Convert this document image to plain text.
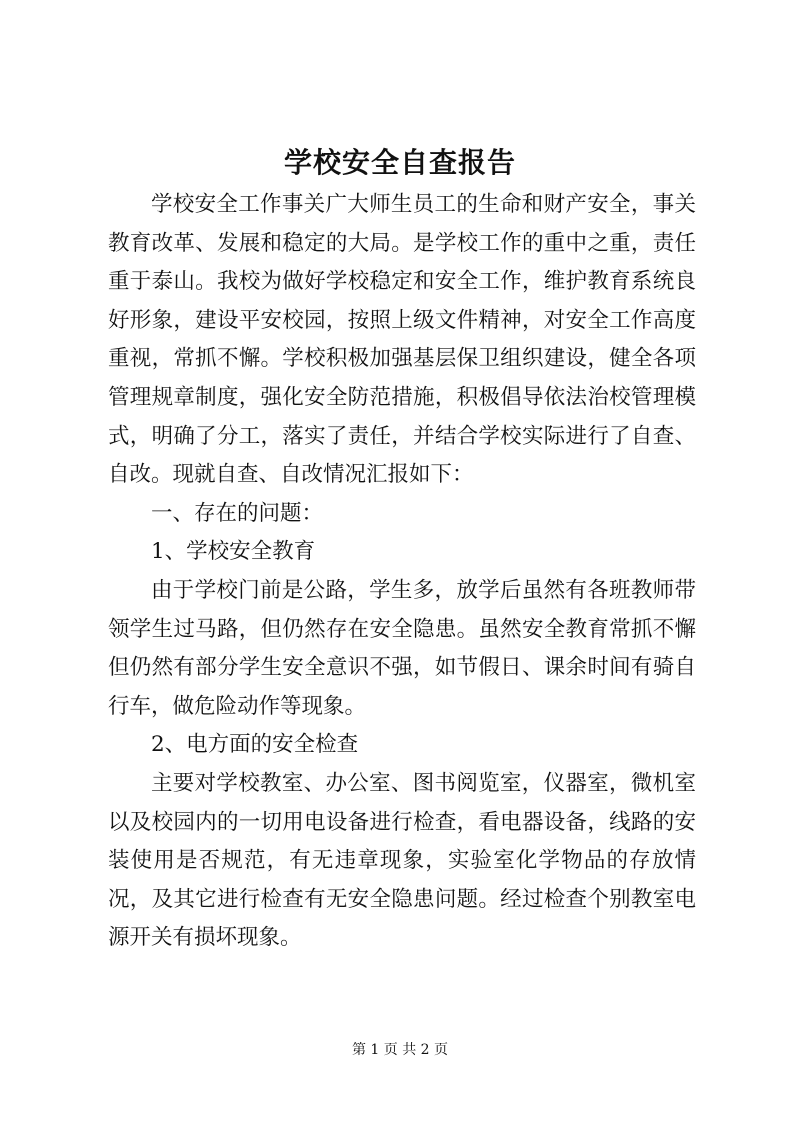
学校安全自查报告

学校安全工作事关广大师生员工的生命和财产安全，事关教育改革、发展和稳定的大局。是学校工作的重中之重，责任重于泰山。我校为做好学校稳定和安全工作，维护教育系统良好形象，建设平安校园，按照上级文件精神，对安全工作高度重视，常抓不懈。学校积极加强基层保卫组织建设，健全各项管理规章制度，强化安全防范措施，积极倡导依法治校管理模式，明确了分工，落实了责任，并结合学校实际进行了自查、自改。现就自查、自改情况汇报如下：

一、存在的问题：

1、学校安全教育

由于学校门前是公路，学生多，放学后虽然有各班教师带领学生过马路，但仍然存在安全隐患。虽然安全教育常抓不懈但仍然有部分学生安全意识不强，如节假日、课余时间有骑自行车，做危险动作等现象。

2、电方面的安全检查

主要对学校教室、办公室、图书阅览室，仪器室，微机室以及校园内的一切用电设备进行检查，看电器设备，线路的安装使用是否规范，有无违章现象，实验室化学物品的存放情况，及其它进行检查有无安全隐患问题。经过检查个别教室电源开关有损坏现象。

第 1 页 共 2 页
